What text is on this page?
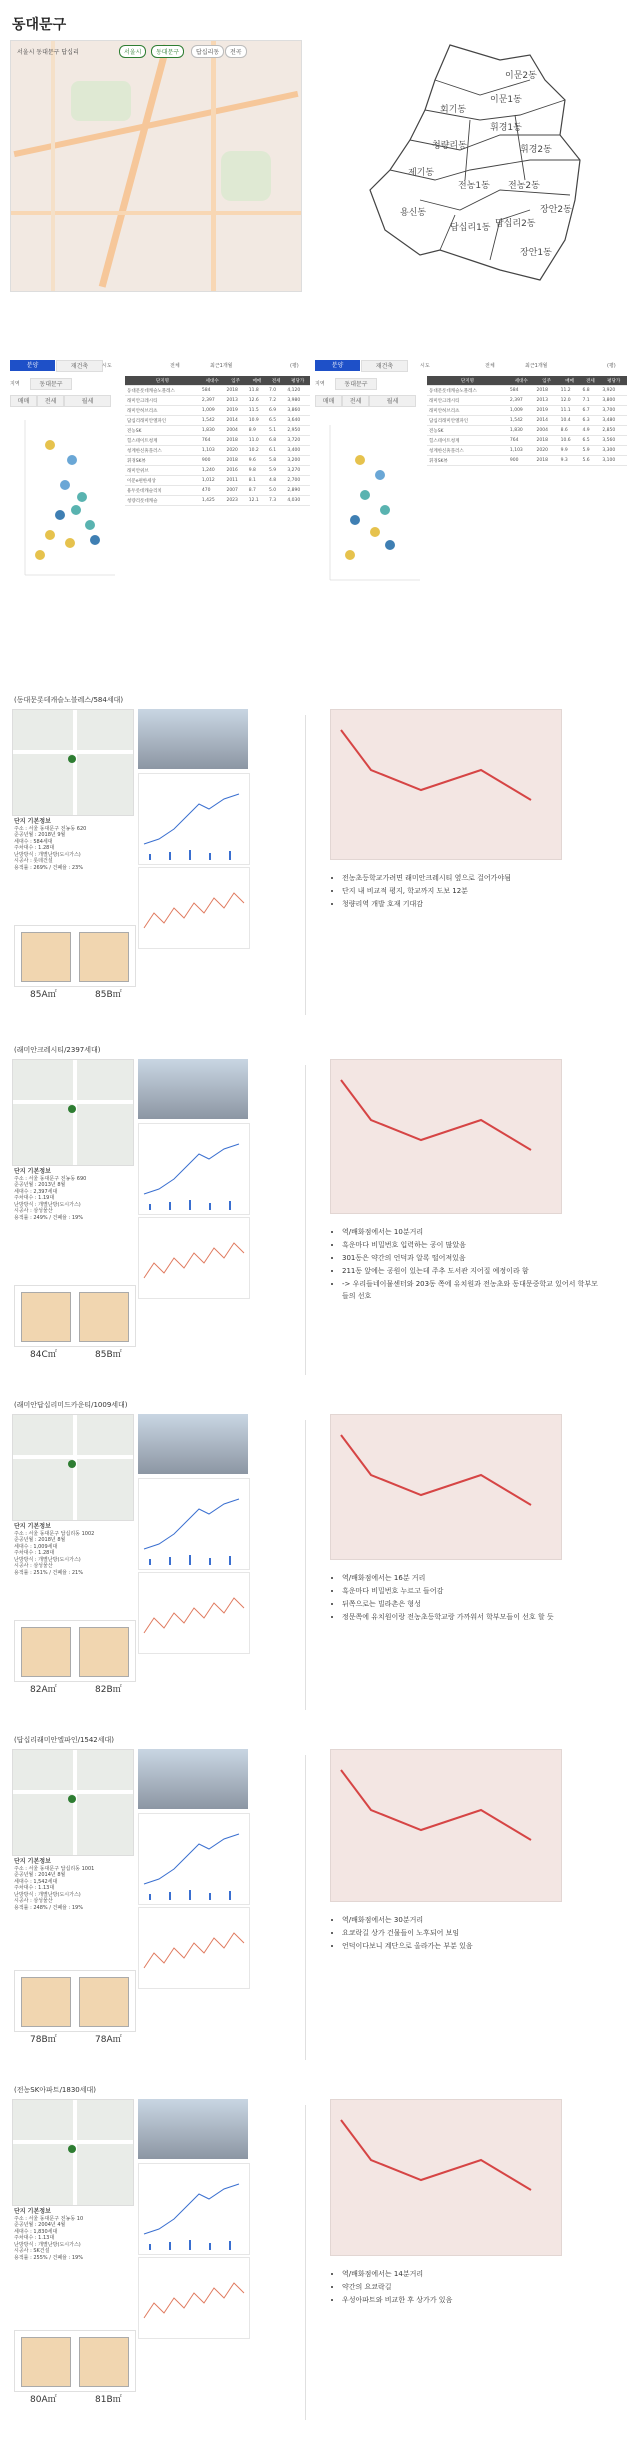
동대문구
서울시 동대문구 답십리	서울시	동대문구	답십리동	전곡
이문2동
이문1동
회기동
휘경1동
휘경2동
청량리동
제기동
전농1동 전농2동
용신동
답십리1동 답십리2동
장안2동
장안1동
분양	재건축
지역	동대문구
매매	전세	월세
시도	전체	최근1개월	(평)
단지명	세대수	입주	매매	전세	평당가
동대문롯데캐슬노블레스	584	2018	11.8	7.0	4,120
래미안크레시티	2,397	2013	12.6	7.2	3,980
래미안허브리츠	1,009	2019	11.5	6.9	3,860
답십리래미안엘파인	1,542	2014	10.9	6.5	3,640
전농SK	1,830	2004	8.9	5.1	2,950
힐스테이트청계	764	2018	11.0	6.8	3,720
청계한신휴플러스	1,103	2020	10.2	6.1	3,400
휘경SK뷰	900	2018	9.6	5.8	3,200
래미안위브	1,240	2016	9.8	5.9	3,270
이문e편한세상	1,012	2011	8.1	4.8	2,700
용두롯데캐슬리치	470	2007	8.7	5.0	2,890
청량리롯데캐슬	1,425	2023	12.1	7.3	4,030
분양	재건축
지역	동대문구
매매	전세	월세
시도	전체	최근1개월	(평)
단지명	세대수	입주	매매	전세	평당가
동대문롯데캐슬노블레스	584	2018	11.2	6.8	3,920
래미안크레시티	2,397	2013	12.0	7.1	3,800
래미안허브리츠	1,009	2019	11.1	6.7	3,700
답십리래미안엘파인	1,542	2014	10.4	6.3	3,480
전농SK	1,830	2004	8.6	4.9	2,850
힐스테이트청계	764	2018	10.6	6.5	3,560
청계한신휴플러스	1,103	2020	9.9	5.9	3,300
휘경SK뷰	900	2018	9.3	5.6	3,100
(동대문롯데캐슬노블레스/584세대)
단지 기본정보
주소 : 서울 동대문구 전농동 620
준공년월 : 2018년 9월
세대수 : 584세대
주차대수 : 1.28대
난방방식 : 개별난방(도시가스)
시공사 : 롯데건설
용적률 : 269% / 건폐율 : 23%
85A㎡	85B㎡
• 전농초등학교가려면 래미안크레시티 옆으로 걸어가야됨
• 단지 내 비교적 평지, 학교까지 도보 12분
• 청량리역 개발 호재 기대감
(래미안크레시티/2397세대)
단지 기본정보
주소 : 서울 동대문구 전농동 690
준공년월 : 2013년 8월
세대수 : 2,397세대
주차대수 : 1.19대
난방방식 : 개별난방(도시가스)
시공사 : 삼성물산
용적률 : 249% / 건폐율 : 19%
84C㎡	85B㎡
• 역/배화점에서는 10분거리
• 흑운마다 비밀번호 입력하는 공이 많았음
• 301동은 약간의 언덕과 알록 떨어져있음
• 211동 앞에는 공원이 있는데 주추 도서관 지어질 예정이라 함
• -> 우리들네이뮬센터와 203동 쪽에 유치원과 전농초와 동대문중학교 있어서 학부모들의 선호
(래미안답십리미드카운티/1009세대)
단지 기본정보
주소 : 서울 동대문구 답십리동 1002
준공년월 : 2018년 8월
세대수 : 1,009세대
주차대수 : 1.28대
난방방식 : 개별난방(도시가스)
시공사 : 삼성물산
용적률 : 251% / 건폐율 : 21%
82A㎡	82B㎡
• 역/배화점에서는 16분 거리
• 흑운마다 비밀번호 누르고 들어감
• 뒤쪽으로는 빌라촌은 형성
• 정문쪽에 유치원이랑 전농초등학교랑 가까워서 학부모들이 선호 할 듯
(답십리래미안엘파인/1542세대)
단지 기본정보
주소 : 서울 동대문구 답십리동 1001
준공년월 : 2014년 8월
세대수 : 1,542세대
주차대수 : 1.13대
난방방식 : 개별난방(도시가스)
시공사 : 삼성물산
용적률 : 248% / 건폐율 : 19%
78B㎡	78A㎡
• 역/배화점에서는 30분거리
• 요쿄락길 상가 건물들이 노후되어 보임
• 언덕이다보니 계단으로 올라가는 부분 있음
(전농SK아파트/1830세대)
단지 기본정보
주소 : 서울 동대문구 전농동 10
준공년월 : 2004년 4월
세대수 : 1,830세대
주차대수 : 1.13대
난방방식 : 개별난방(도시가스)
시공사 : SK건설
용적률 : 255% / 건폐율 : 19%
80A㎡	81B㎡
• 역/배화점에서는 14분거리
• 약간의 요쿄락길
• 우성아파트와 비교한 후 상가가 있음
